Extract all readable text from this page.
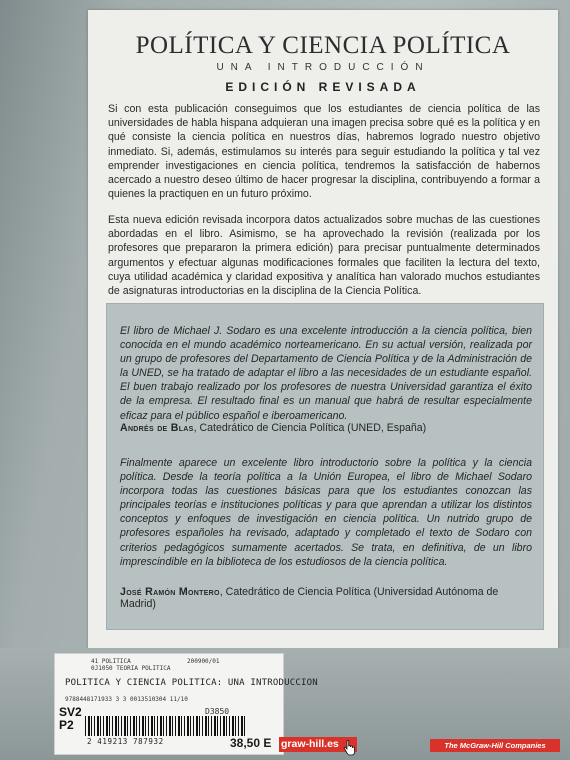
POLÍTICA Y CIENCIA POLÍTICA
UNA INTRODUCCIÓN
EDICIÓN REVISADA

Si con esta publicación conseguimos que los estudiantes de ciencia política de las universidades de habla hispana adquieran una imagen precisa sobre qué es la política y en qué consiste la ciencia política en nuestros días, habremos logrado nuestro objetivo inmediato. Si, además, estimulamos su interés para seguir estudiando la política y tal vez emprender investigaciones en ciencia política, tendremos la satisfacción de habernos acercado a nuestro deseo último de hacer progresar la disciplina, contribuyendo a formar a quienes la practiquen en un futuro próximo.

Esta nueva edición revisada incorpora datos actualizados sobre muchas de las cuestiones abordadas en el libro. Asimismo, se ha aprovechado la revisión (realizada por los profesores que prepararon la primera edición) para precisar puntualmente determinados argumentos y efectuar algunas modificaciones formales que faciliten la lectura del texto, cuya utilidad académica y claridad expositiva y analítica han valorado muchos estudiantes de asignaturas introductorias en la disciplina de la Ciencia Política.

El libro de Michael J. Sodaro es una excelente introducción a la ciencia política, bien conocida en el mundo académico norteamericano. En su actual versión, realizada por un grupo de profesores del Departamento de Ciencia Política y de la Administración de la UNED, se ha tratado de adaptar el libro a las necesidades de un estudiante español. El buen trabajo realizado por los profesores de nuestra Universidad garantiza el éxito de la empresa. El resultado final es un manual que habrá de resultar especialmente eficaz para el público español e iberoamericano.

Andrés de Blas, Catedrático de Ciencia Política (UNED, España)

Finalmente aparece un excelente libro introductorio sobre la política y la ciencia política. Desde la teoría política a la Unión Europea, el libro de Michael Sodaro incorpora todas las cuestiones básicas para que los estudiantes conozcan las principales teorías e instituciones políticas y para que aprendan a utilizar los distintos conceptos y enfoques de investigación en ciencia política. Un nutrido grupo de profesores españoles ha revisado, adaptado y completado el texto de Sodaro con criterios pedagógicos sumamente acertados. Se trata, en definitiva, de un libro imprescindible en la biblioteca de los estudiosos de la ciencia política.

José Ramón Montero, Catedrático de Ciencia Política (Universidad Autónoma de Madrid)

41 POLITICA	200900/01
0J1050 TEORIA POLITICA
POLITICA Y CIENCIA POLITICA: UNA INTRODUCCION
9788448171933 3 3 0013510304 11/10
D3850
SV2
P2
2 419213 787932	38,50 E graw-hill.es	The McGraw-Hill Companies
